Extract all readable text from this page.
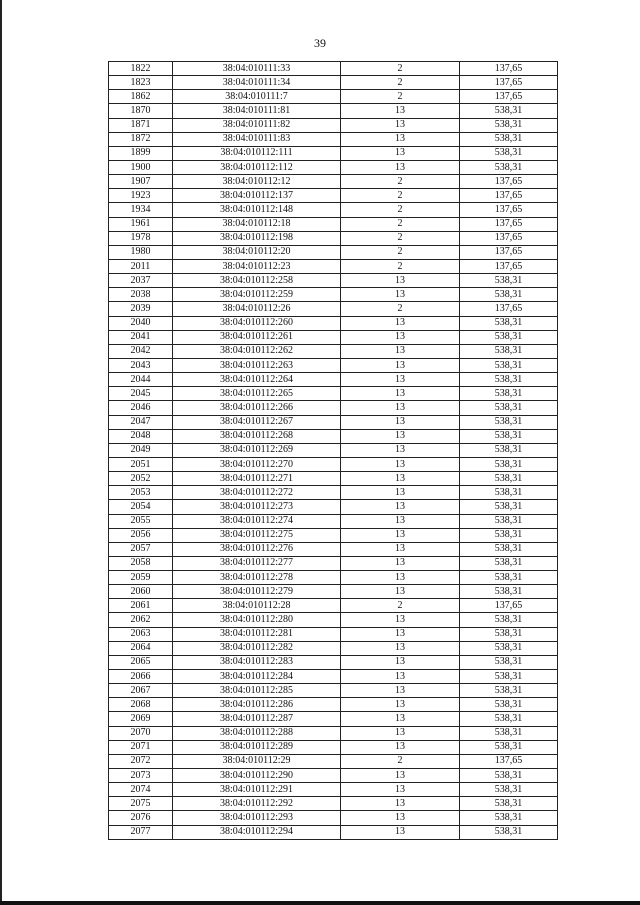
39
1822	38:04:010111:33	2	137,65
1823	38:04:010111:34	2	137,65
1862	38:04:010111:7	2	137,65
1870	38:04:010111:81	13	538,31
1871	38:04:010111:82	13	538,31
1872	38:04:010111:83	13	538,31
1899	38:04:010112:111	13	538,31
1900	38:04:010112:112	13	538,31
1907	38:04:010112:12	2	137,65
1923	38:04:010112:137	2	137,65
1934	38:04:010112:148	2	137,65
1961	38:04:010112:18	2	137,65
1978	38:04:010112:198	2	137,65
1980	38:04:010112:20	2	137,65
2011	38:04:010112:23	2	137,65
2037	38:04:010112:258	13	538,31
2038	38:04:010112:259	13	538,31
2039	38:04:010112:26	2	137,65
2040	38:04:010112:260	13	538,31
2041	38:04:010112:261	13	538,31
2042	38:04:010112:262	13	538,31
2043	38:04:010112:263	13	538,31
2044	38:04:010112:264	13	538,31
2045	38:04:010112:265	13	538,31
2046	38:04:010112:266	13	538,31
2047	38:04:010112:267	13	538,31
2048	38:04:010112:268	13	538,31
2049	38:04:010112:269	13	538,31
2051	38:04:010112:270	13	538,31
2052	38:04:010112:271	13	538,31
2053	38:04:010112:272	13	538,31
2054	38:04:010112:273	13	538,31
2055	38:04:010112:274	13	538,31
2056	38:04:010112:275	13	538,31
2057	38:04:010112:276	13	538,31
2058	38:04:010112:277	13	538,31
2059	38:04:010112:278	13	538,31
2060	38:04:010112:279	13	538,31
2061	38:04:010112:28	2	137,65
2062	38:04:010112:280	13	538,31
2063	38:04:010112:281	13	538,31
2064	38:04:010112:282	13	538,31
2065	38:04:010112:283	13	538,31
2066	38:04:010112:284	13	538,31
2067	38:04:010112:285	13	538,31
2068	38:04:010112:286	13	538,31
2069	38:04:010112:287	13	538,31
2070	38:04:010112:288	13	538,31
2071	38:04:010112:289	13	538,31
2072	38:04:010112:29	2	137,65
2073	38:04:010112:290	13	538,31
2074	38:04:010112:291	13	538,31
2075	38:04:010112:292	13	538,31
2076	38:04:010112:293	13	538,31
2077	38:04:010112:294	13	538,31
